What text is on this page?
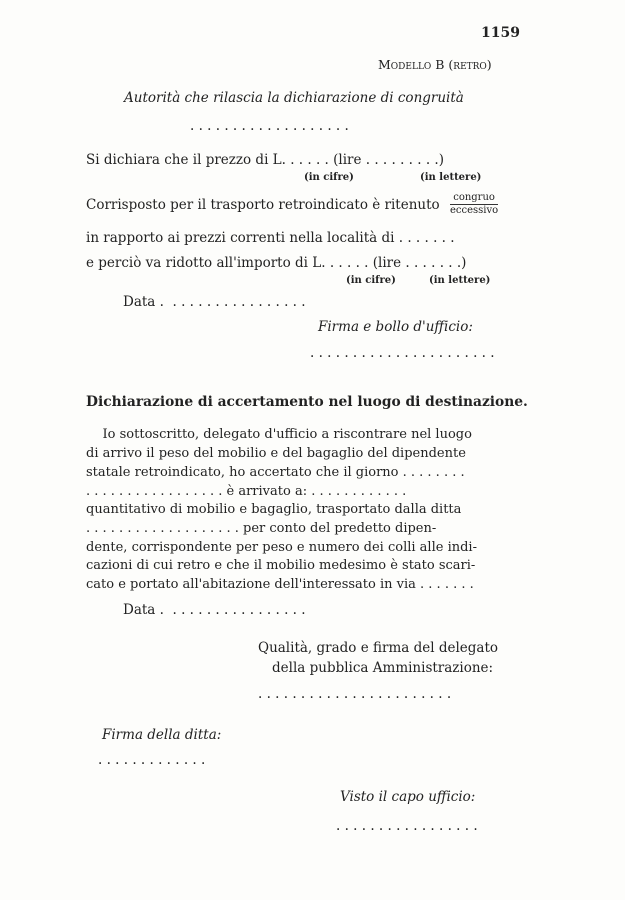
1159
Modello B (retro)
Autorità che rilascia la dichiarazione di congruità
. . . . . . . . . . . . . . . . . . .
Si dichiara che il prezzo di L. . . . . . (lire . . . . . . . . .)
(in cifre)	(in lettere)
Corrisposto per il trasporto retroindicato è ritenuto	congruo
eccessivo
in rapporto ai prezzi correnti nella località di . . . . . . .
e perciò va ridotto all'importo di L. . . . . . (lire . . . . . . .)
(in cifre)	(in lettere)
Data .  . . . . . . . . . . . . . . . .
Firma e bollo d'ufficio:
. . . . . . . . . . . . . . . . . . . . . .
Dichiarazione di accertamento nel luogo di destinazione.
Io sottoscritto, delegato d'ufficio a riscontrare nel luogo
di arrivo il peso del mobilio e del bagaglio del dipendente
statale retroindicato, ho accertato che il giorno . . . . . . . .
. . . . . . . . . . . . . . . . . è arrivato a: . . . . . . . . . . . .
quantitativo di mobilio e bagaglio, trasportato dalla ditta
. . . . . . . . . . . . . . . . . . . per conto del predetto dipen-
dente, corrispondente per peso e numero dei colli alle indi-
cazioni di cui retro e che il mobilio medesimo è stato scari-
cato e portato all'abitazione dell'interessato in via . . . . . . .
Data .  . . . . . . . . . . . . . . . .
Qualità, grado e firma del delegato
della pubblica Amministrazione:
. . . . . . . . . . . . . . . . . . . . . . .
Firma della ditta:
. . . . . . . . . . . . .
Visto il capo ufficio:
. . . . . . . . . . . . . . . . .
